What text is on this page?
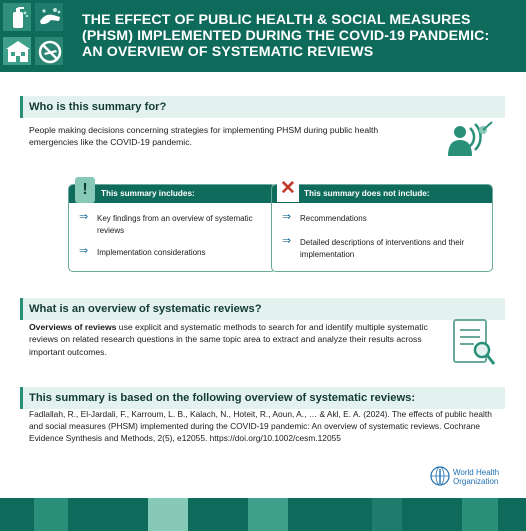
THE EFFECT OF PUBLIC HEALTH & SOCIAL MEASURES (PHSM) IMPLEMENTED DURING THE COVID-19 PANDEMIC: AN OVERVIEW OF SYSTEMATIC REVIEWS
Who is this summary for?
People making decisions concerning strategies for implementing PHSM during public health emergencies like the COVID-19 pandemic.
This summary includes:
!
⇒	Key findings from an overview of systematic reviews
⇒	Implementation considerations
This summary does not include:
✕
⇒	Recommendations
⇒	Detailed descriptions of interventions and their implementation
What is an overview of systematic reviews?
Overviews of reviews use explicit and systematic methods to search for and identify multiple systematic reviews on related research questions in the same topic area to extract and analyze their results across important outcomes.
This summary is based on the following overview of systematic reviews:
Fadlallah, R., El-Jardali, F., Karroum, L. B., Kalach, N., Hoteit, R., Aoun, A., … & Akl, E. A. (2024). The effects of public health and social measures (PHSM) implemented during the COVID-19 pandemic: An overview of systematic reviews. Cochrane Evidence Synthesis and Methods, 2(5), e12055. https://doi.org/10.1002/cesm.12055
World Health
Organization
